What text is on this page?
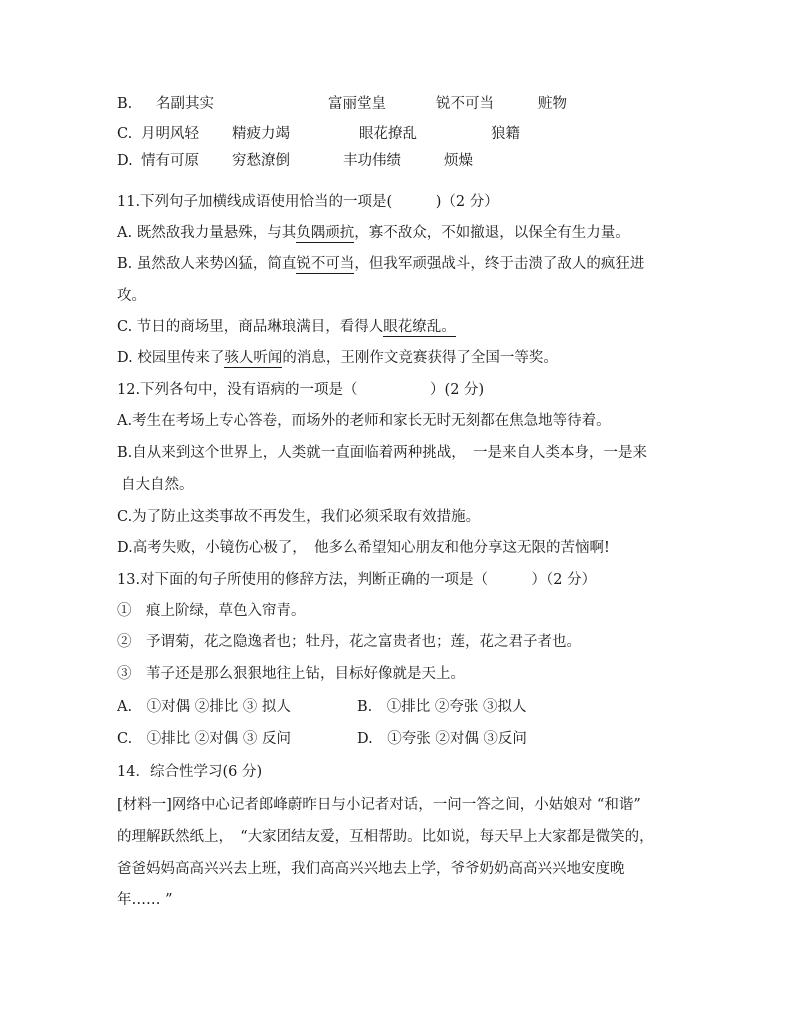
B. 名副其实	富丽堂皇	锐不可当	赃物
C. 月明风轻 精疲力竭	眼花撩乱	狼籍
D. 情有可原 穷愁潦倒	丰功伟绩	烦燥
11.下列句子加横线成语使用恰当的一项是(　　　)（2 分）
A. 既然敌我力量悬殊，与其负隅顽抗，寡不敌众，不如撤退，以保全有生力量。
B. 虽然敌人来势凶猛，简直锐不可当，但我军顽强战斗，终于击溃了敌人的疯狂进
攻。
C. 节日的商场里，商品琳琅满目，看得人眼花缭乱。
D. 校园里传来了骇人听闻的消息，王刚作文竞赛获得了全国一等奖。
12.下列各句中，没有语病的一项是（　　　　　）(2 分)
A.考生在考场上专心答卷，而场外的老师和家长无时无刻都在焦急地等待着。
B.自从来到这个世界上，人类就一直面临着两种挑战，　一是来自人类本身，一是来
自大自然。
C.为了防止这类事故不再发生，我们必须采取有效措施。
D.高考失败，小镜伤心极了，　他多么希望知心朋友和他分享这无限的苦恼啊!
13.对下面的句子所使用的修辞方法，判断正确的一项是（　　　）（2 分）
①　痕上阶绿，草色入帘青。
②　予谓菊，花之隐逸者也；牡丹，花之富贵者也；莲，花之君子者也。
③　苇子还是那么狠狠地往上钻，目标好像就是天上。
A.　①对偶 ②排比 ③ 拟人	B.　①排比 ②夸张 ③拟人
C.　①排比 ②对偶 ③ 反问	D.　①夸张 ②对偶 ③反问
14．综合性学习(6 分)
[材料一]网络中心记者郎峰蔚昨日与小记者对话，一问一答之间，小姑娘对 “和谐”
的理解跃然纸上，　“大家团结友爱，互相帮助。比如说，每天早上大家都是微笑的，
爸爸妈妈高高兴兴去上班，我们高高兴兴地去上学，爷爷奶奶高高兴兴地安度晚
年…… ”
